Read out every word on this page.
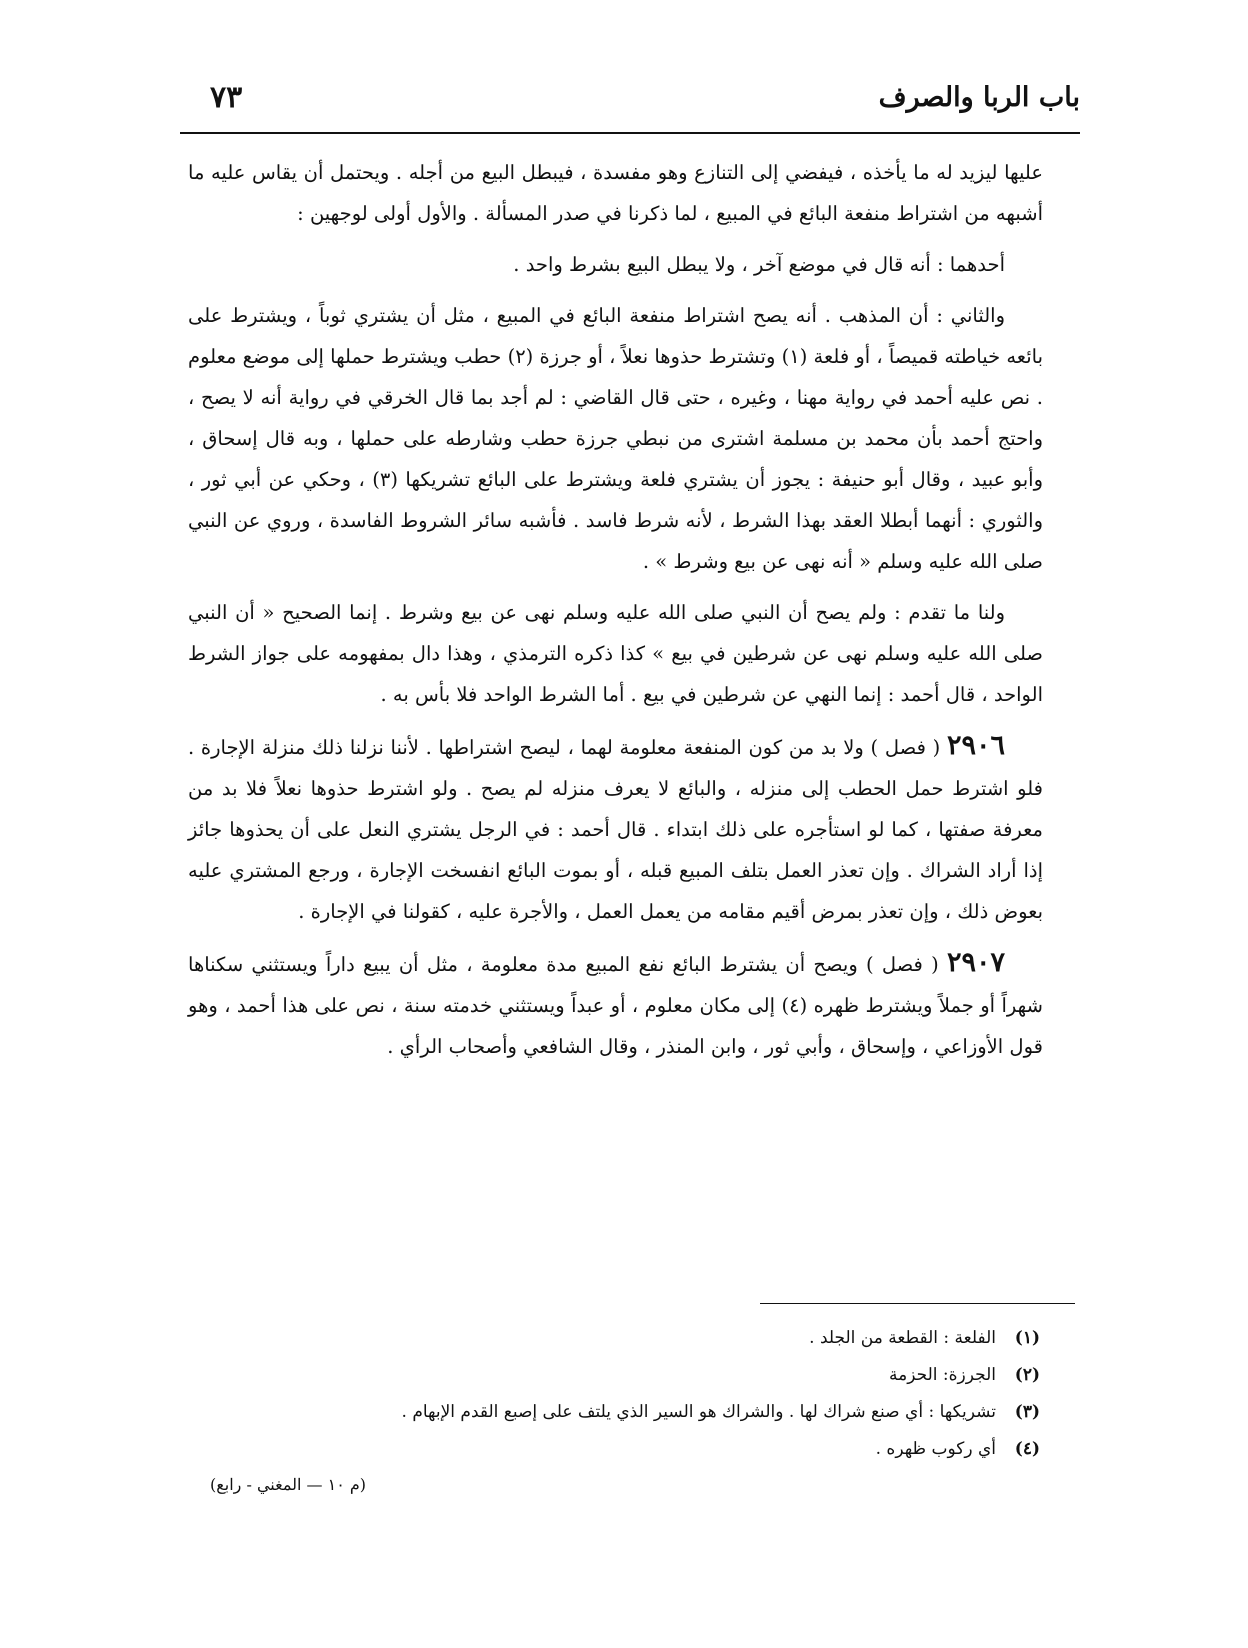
باب الربا والصرف
٧٣

عليها ليزيد له ما يأخذه ، فيفضي إلى التنازع وهو مفسدة ، فيبطل البيع من أجله . ويحتمل أن يقاس عليه ما أشبهه من اشتراط منفعة البائع في المبيع ، لما ذكرنا في صدر المسألة . والأول أولى لوجهين :

أحدهما : أنه قال في موضع آخر ، ولا يبطل البيع بشرط واحد .

والثاني : أن المذهب . أنه يصح اشتراط منفعة البائع في المبيع ، مثل أن يشتري ثوباً ، ويشترط على بائعه خياطته قميصاً ، أو فلعة (١) وتشترط حذوها نعلاً ، أو جرزة (٢) حطب ويشترط حملها إلى موضع معلوم . نص عليه أحمد في رواية مهنا ، وغيره ، حتى قال القاضي : لم أجد بما قال الخرقي في رواية أنه لا يصح ، واحتج أحمد بأن محمد بن مسلمة اشترى من نبطي جرزة حطب وشارطه على حملها ، وبه قال إسحاق ، وأبو عبيد ، وقال أبو حنيفة : يجوز أن يشتري فلعة ويشترط على البائع تشريكها (٣) ، وحكي عن أبي ثور ، والثوري : أنهما أبطلا العقد بهذا الشرط ، لأنه شرط فاسد . فأشبه سائر الشروط الفاسدة ، وروي عن النبي صلى الله عليه وسلم « أنه نهى عن بيع وشرط » .

ولنا ما تقدم : ولم يصح أن النبي صلى الله عليه وسلم نهى عن بيع وشرط . إنما الصحيح « أن النبي صلى الله عليه وسلم نهى عن شرطين في بيع » كذا ذكره الترمذي ، وهذا دال بمفهومه على جواز الشرط الواحد ، قال أحمد : إنما النهي عن شرطين في بيع . أما الشرط الواحد فلا بأس به .

٢٩٠٦ ( فصل ) ولا بد من كون المنفعة معلومة لهما ، ليصح اشتراطها . لأننا نزلنا ذلك منزلة الإجارة . فلو اشترط حمل الحطب إلى منزله ، والبائع لا يعرف منزله لم يصح . ولو اشترط حذوها نعلاً فلا بد من معرفة صفتها ، كما لو استأجره على ذلك ابتداء . قال أحمد : في الرجل يشتري النعل على أن يحذوها جائز إذا أراد الشراك . وإن تعذر العمل بتلف المبيع قبله ، أو بموت البائع انفسخت الإجارة ، ورجع المشتري عليه بعوض ذلك ، وإن تعذر بمرض أقيم مقامه من يعمل العمل ، والأجرة عليه ، كقولنا في الإجارة .

٢٩٠٧ ( فصل ) ويصح أن يشترط البائع نفع المبيع مدة معلومة ، مثل أن يبيع داراً ويستثني سكناها شهراً أو جملاً ويشترط ظهره (٤) إلى مكان معلوم ، أو عبداً ويستثني خدمته سنة ، نص على هذا أحمد ، وهو قول الأوزاعي ، وإسحاق ، وأبي ثور ، وابن المنذر ، وقال الشافعي وأصحاب الرأي .

(١)
الفلعة : القطعة من الجلد .
(٢)
الجرزة: الحزمة
(٣)
تشريكها : أي صنع شراك لها . والشراك هو السير الذي يلتف على إصبع القدم الإبهام .
(٤)
أي ركوب ظهره .
(م ١٠ — المغني - رابع)
